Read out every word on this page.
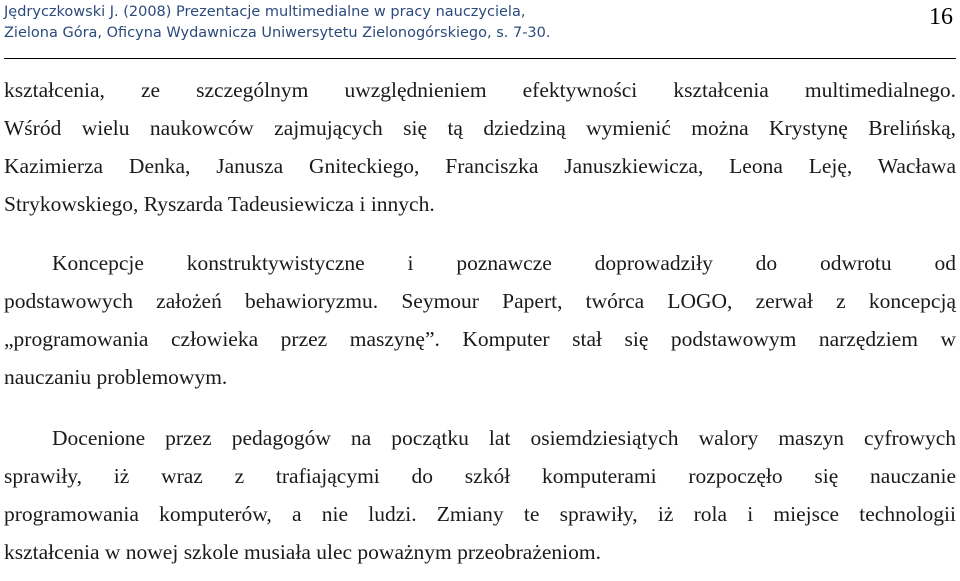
Jędryczkowski J. (2008) Prezentacje multimedialne w pracy nauczyciela,
Zielona Góra, Oficyna Wydawnicza Uniwersytetu Zielonogórskiego, s. 7-30.
16
kształcenia, ze szczególnym uwzględnieniem efektywności kształcenia multimedialnego.
Wśród wielu naukowców zajmujących się tą dziedziną wymienić można Krystynę Brelińską,
Kazimierza Denka, Janusza Gniteckiego, Franciszka Januszkiewicza, Leona Leję, Wacława
Strykowskiego, Ryszarda Tadeusiewicza i innych.
Koncepcje konstruktywistyczne i poznawcze doprowadziły do odwrotu od
podstawowych założeń behawioryzmu. Seymour Papert, twórca LOGO, zerwał z koncepcją
„programowania człowieka przez maszynę”. Komputer stał się podstawowym narzędziem w
nauczaniu problemowym.
Docenione przez pedagogów na początku lat osiemdziesiątych walory maszyn cyfrowych
sprawiły, iż wraz z trafiającymi do szkół komputerami rozpoczęło się nauczanie
programowania komputerów, a nie ludzi. Zmiany te sprawiły, iż rola i miejsce technologii
kształcenia w nowej szkole musiała ulec poważnym przeobrażeniom.
